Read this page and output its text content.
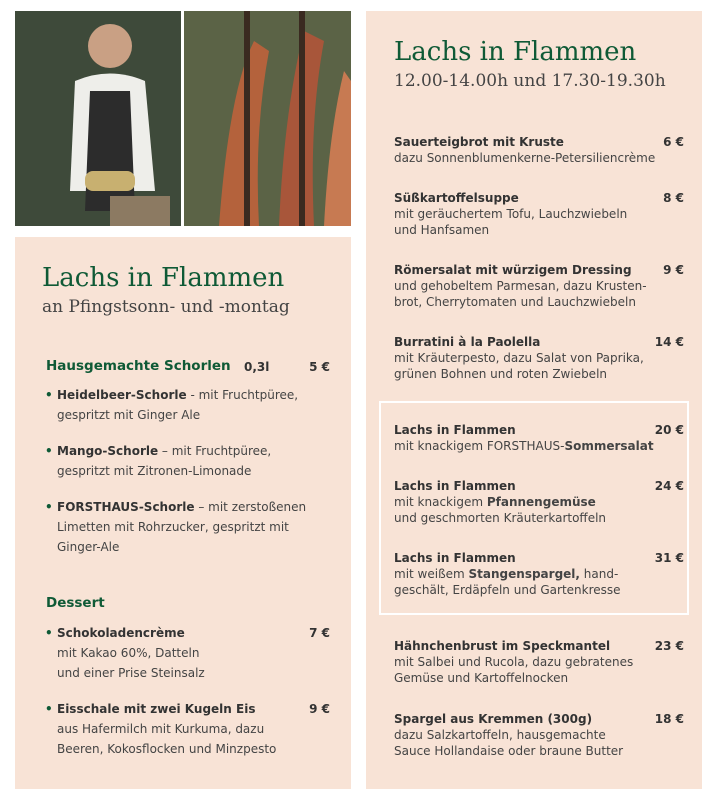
Lachs in Flammen
an Pfingstsonn- und -montag
Hausgemachte Schorlen 0,3l	5 €
• Heidelbeer-Schorle - mit Fruchtpüree,
gespritzt mit Ginger Ale
• Mango-Schorle – mit Fruchtpüree,
gespritzt mit Zitronen-Limonade
• FORSTHAUS-Schorle – mit zerstoßenen
Limetten mit Rohrzucker, gespritzt mit
Ginger-Ale
Dessert
• Schokoladencrème
mit Kakao 60%, Datteln
und einer Prise Steinsalz
7 €
• Eisschale mit zwei Kugeln Eis
aus Hafermilch mit Kurkuma, dazu
Beeren, Kokosflocken und Minzpesto
9 €
Lachs in Flammen
12.00-14.00h und 17.30-19.30h
Sauerteigbrot mit Kruste	6 €
dazu Sonnenblumenkerne-Petersiliencrème
Süßkartoffelsuppe	8 €
mit geräuchertem Tofu, Lauchzwiebeln
und Hanfsamen
Römersalat mit würzigem Dressing	9 €
und gehobeltem Parmesan, dazu Krusten-
brot, Cherrytomaten und Lauchzwiebeln
Burratini à la Paolella	14 €
mit Kräuterpesto, dazu Salat von Paprika,
grünen Bohnen und roten Zwiebeln
Lachs in Flammen	20 €
mit knackigem FORSTHAUS-Sommersalat
Lachs in Flammen	24 €
mit knackigem Pfannengemüse
und geschmorten Kräuterkartoffeln
Lachs in Flammen	31 €
mit weißem Stangenspargel, hand-
geschält, Erdäpfeln und Gartenkresse
Hähnchenbrust im Speckmantel	23 €
mit Salbei und Rucola, dazu gebratenes
Gemüse und Kartoffelnocken
Spargel aus Kremmen (300g)	18 €
dazu Salzkartoffeln, hausgemachte
Sauce Hollandaise oder braune Butter
